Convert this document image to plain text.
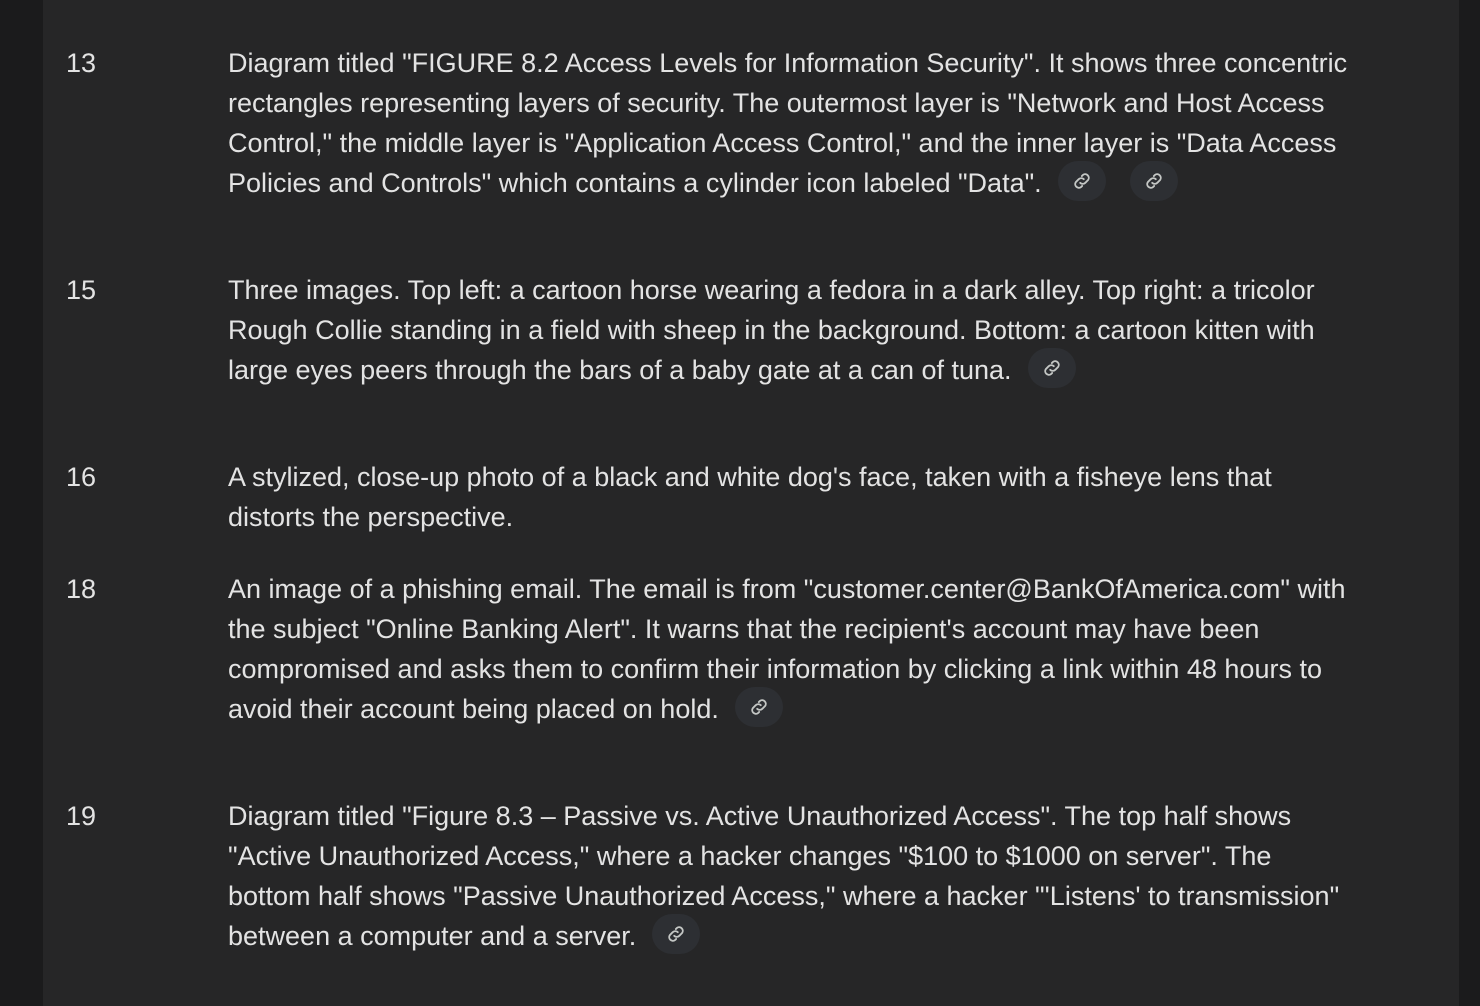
13	Diagram titled "FIGURE 8.2 Access Levels for Information Security". It shows three concentric
rectangles representing layers of security. The outermost layer is "Network and Host Access
Control," the middle layer is "Application Access Control," and the inner layer is "Data Access
Policies and Controls" which contains a cylinder icon labeled "Data".
15	Three images. Top left: a cartoon horse wearing a fedora in a dark alley. Top right: a tricolor
Rough Collie standing in a field with sheep in the background. Bottom: a cartoon kitten with
large eyes peers through the bars of a baby gate at a can of tuna.
16	A stylized, close-up photo of a black and white dog's face, taken with a fisheye lens that
distorts the perspective.
18	An image of a phishing email. The email is from "customer.center@BankOfAmerica.com" with
the subject "Online Banking Alert". It warns that the recipient's account may have been
compromised and asks them to confirm their information by clicking a link within 48 hours to
avoid their account being placed on hold.
19	Diagram titled "Figure 8.3 – Passive vs. Active Unauthorized Access". The top half shows
"Active Unauthorized Access," where a hacker changes "$100 to $1000 on server". The
bottom half shows "Passive Unauthorized Access," where a hacker "'Listens' to transmission"
between a computer and a server.
